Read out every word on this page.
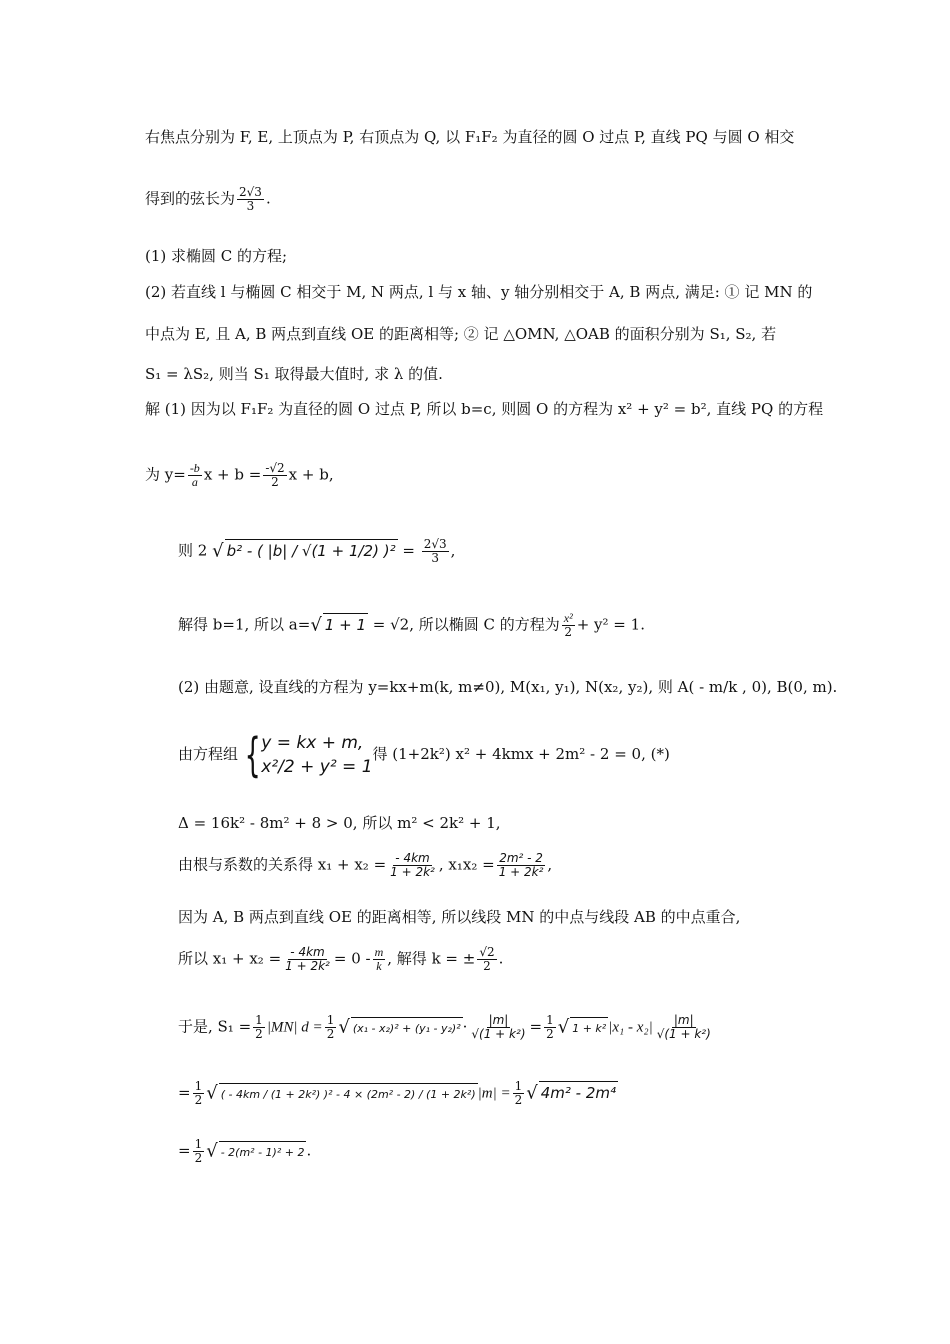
右焦点分别为 F, E, 上顶点为 P, 右顶点为 Q, 以 F₁F₂ 为直径的圆 O 过点 P, 直线 PQ 与圆 O 相交
得到的弦长为 $\frac{2√3}{3}$ .
(1) 求椭圆 C 的方程;
(2) 若直线 l 与椭圆 C 相交于 M, N 两点, l 与 x 轴、y 轴分别相交于 A, B 两点, 满足: ① 记 MN 的
中点为 E, 且 A, B 两点到直线 OE 的距离相等; ② 记 △OMN, △OAB 的面积分别为 S₁, S₂, 若
S₁ = λS₂, 则当 S₁ 取得最大值时, 求 λ 的值.
解 (1) 因为以 F₁F₂ 为直径的圆 O 过点 P, 所以 b=c, 则圆 O 的方程为 x² + y² = b², 直线 PQ 的方程
为 $y= \frac{-b}{a}$ $x + b = \frac{-√2}{2}$ x + b,
则 2 √ b² - ( |b| / √(1 + 1/2) )$^2 = \frac{2√3}{3}$ ,
解得 b=1, 所以 a=√ 1 + 1 = √2, 所以椭圆 C 的方程为 $\frac{\text{x²}}{2} + y^2 = 1$.
(2) 由题意, 设直线的方程为 y=kx+m(k, m≠0), M(x₁, y₁), N(x₂, y₂), 则 A( - m/k , 0), B(0, m).
由方程组 { y = kx + m,
x²/2 + y² = 1
得 (1+2k²) x² + 4kmx + 2m² - 2 = 0, (*)
Δ = 16k² - 8m² + 8 > 0, 所以 m² < 2k² + 1,
由根与系数的关系得 $x_1 + x_2 = \frac{- 4km}{\text{1 + 2k²}}$ , $x_1x_2 = \frac{\text{2m² - 2}}{\text{1 + 2k²}}$ ,
因为 A, B 两点到直线 OE 的距离相等, 所以线段 MN 的中点与线段 AB 的中点重合,
所以 $x_1 + x_2 = \frac{- 4km}{\text{1 + 2k²}} = 0 - \frac{m}{k}$ , 解得 k = ± $\frac{√2}{2}$ .
于是, $S_1 = \frac{1}{2} |MN|$ $d = \frac{1}{2}$ √ $(x_1 - x_2)^2 + (y_1 - y_2)^2 \cdot \frac{|m|}{\text{√(1 + k²)}} = \frac{1}{2}$ √ 1 + k² $|x_1 - x_2| \frac{|m|}{\text{√(1 + k²)}}$
= $\frac{1}{2}$ √ ( - 4km / (1 + 2k²) )² - 4 × (2m² - 2) / (1 + 2k²) $|m| = \frac{1}{2}$ √ 4m² - 2m⁴
= $\frac{1}{2}$ √ - 2(m² - 1)² + 2 .
